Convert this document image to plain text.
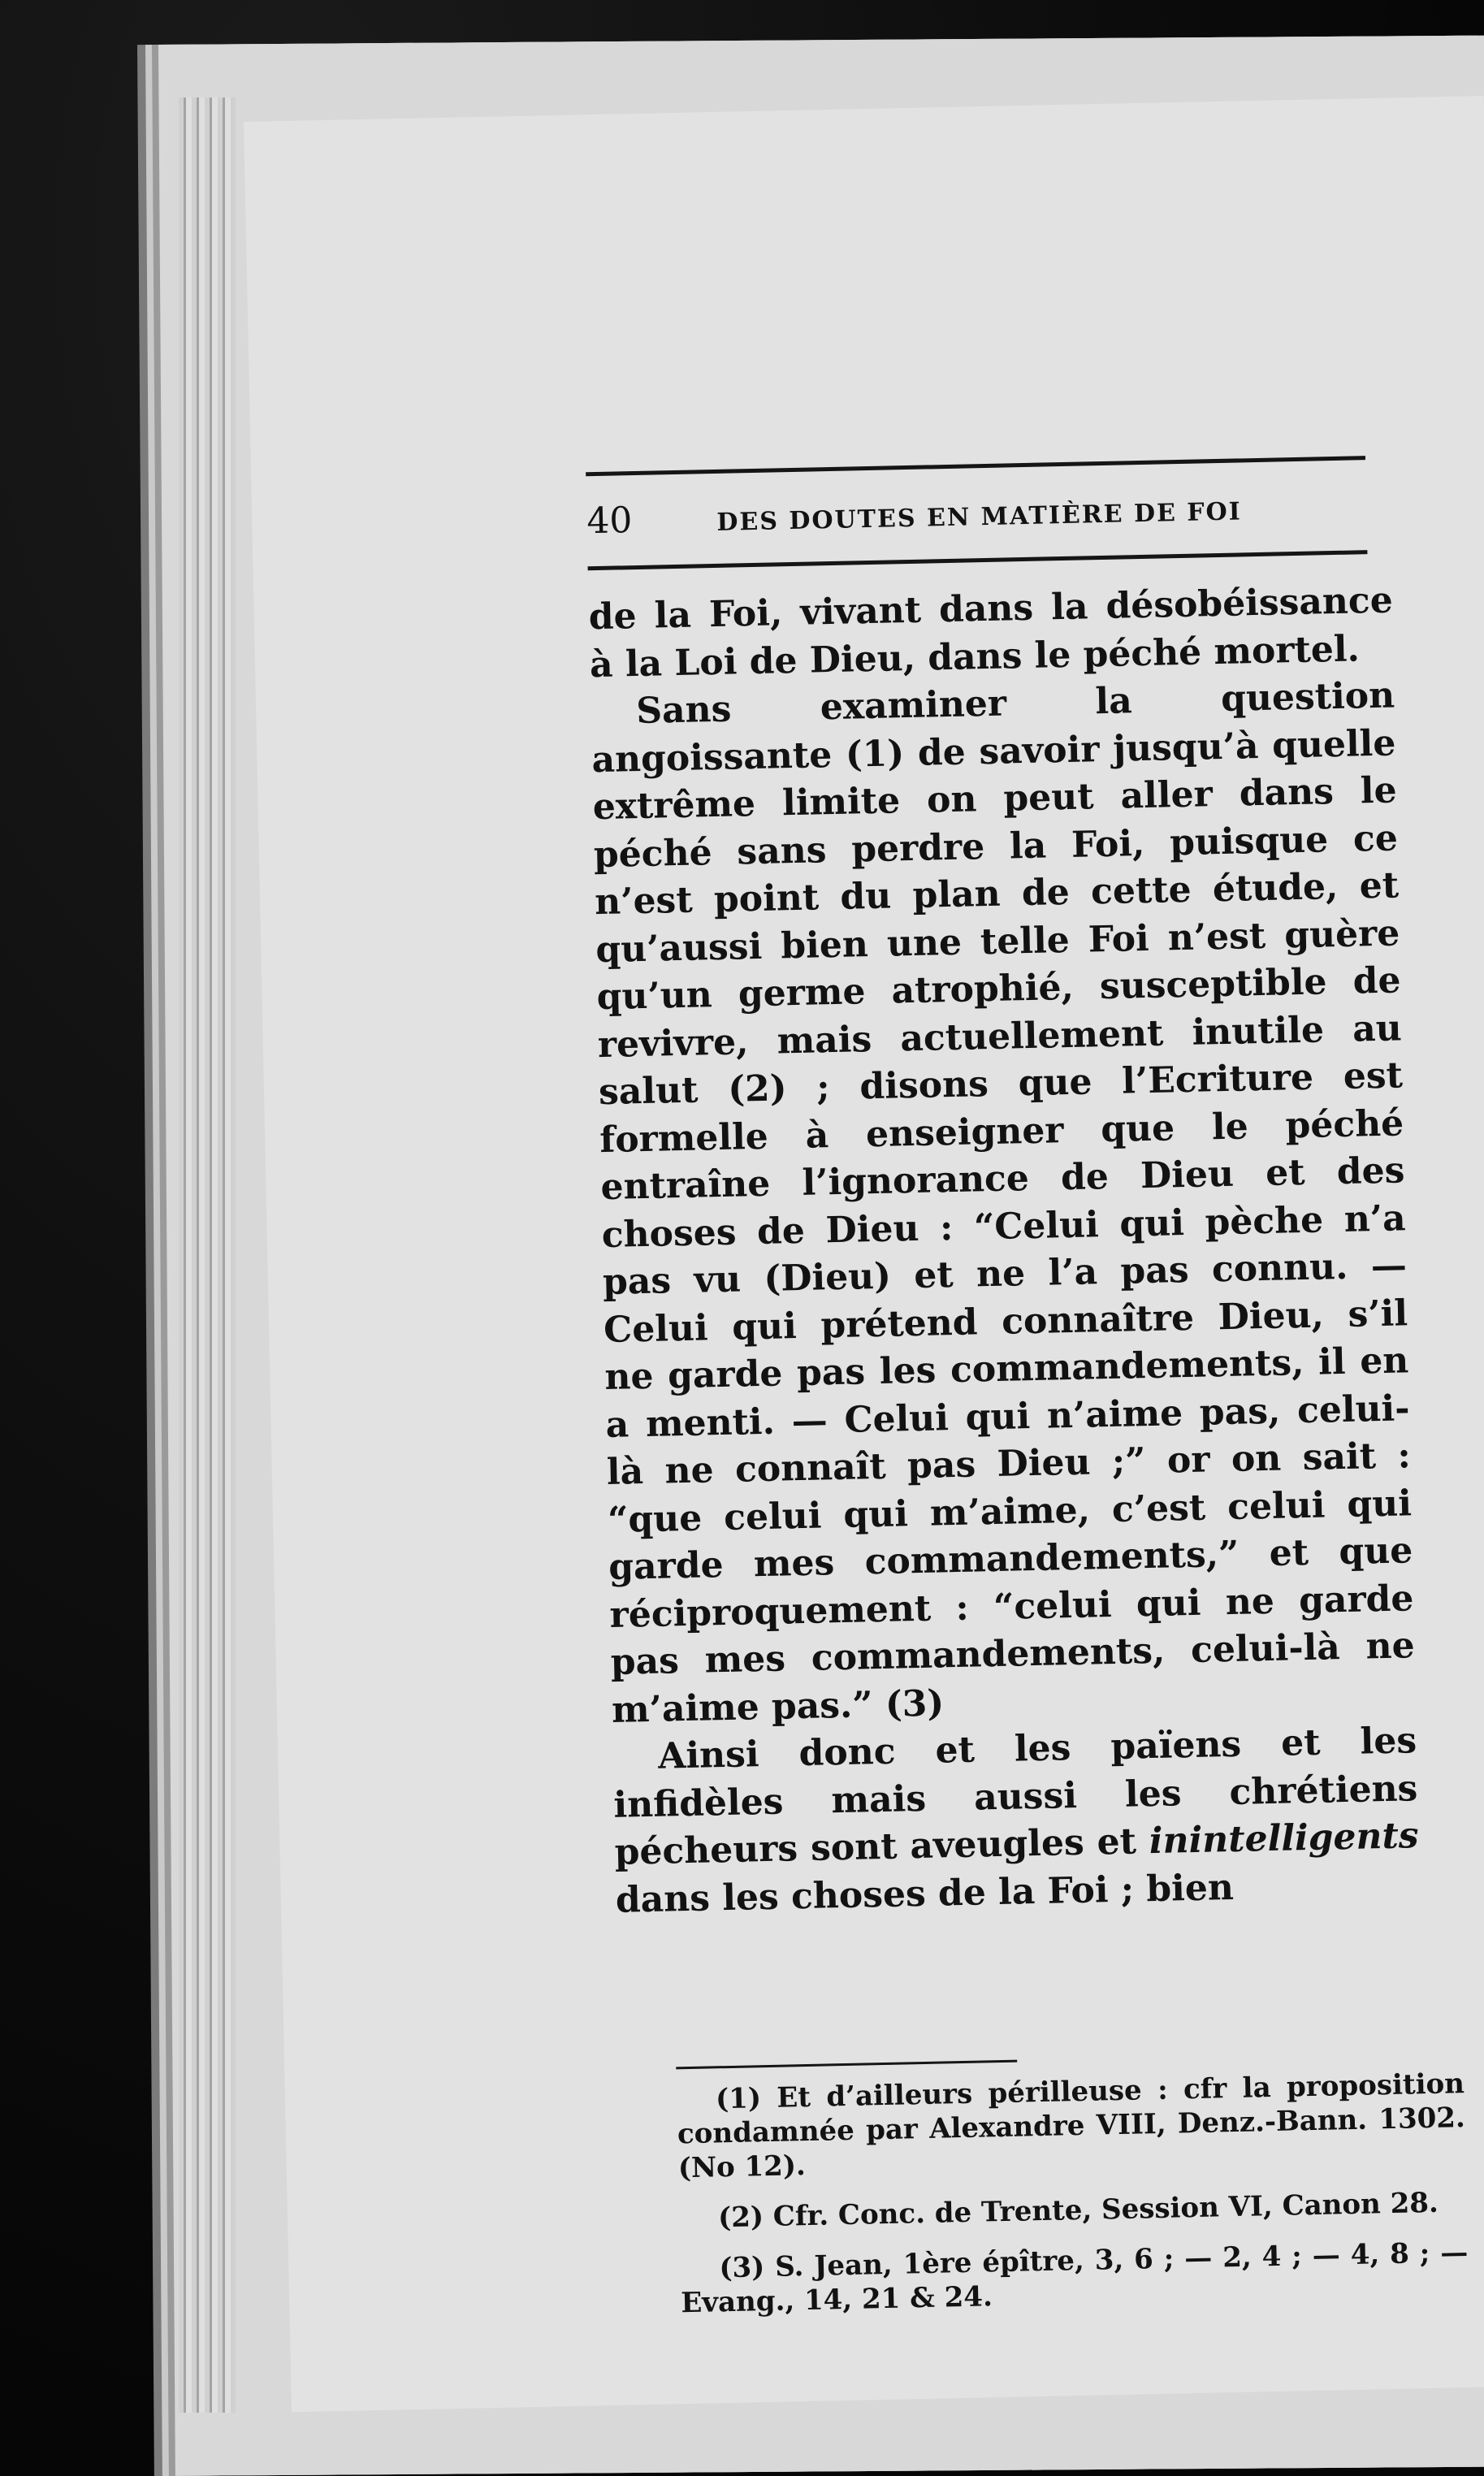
40	DES DOUTES EN MATIÈRE DE FOI

de la Foi, vivant dans la désobéissance à la Loi de Dieu, dans le péché mortel.

Sans examiner la question angoissante (1) de savoir jusqu’à quelle extrême limite on peut aller dans le péché sans perdre la Foi, puisque ce n’est point du plan de cette étude, et qu’aussi bien une telle Foi n’est guère qu’un germe atrophié, susceptible de revivre, mais actuellement inutile au salut (2) ; disons que l’Ecriture est formelle à enseigner que le péché entraîne l’ignorance de Dieu et des choses de Dieu : “Celui qui pèche n’a pas vu (Dieu) et ne l’a pas connu. — Celui qui prétend connaître Dieu, s’il ne garde pas les commandements, il en a menti. — Celui qui n’aime pas, celui-là ne connaît pas Dieu ;” or on sait : “que celui qui m’aime, c’est celui qui garde mes commandements,” et que réciproquement : “celui qui ne garde pas mes commandements, celui-là ne m’aime pas.” (3)

Ainsi donc et les païens et les infidèles mais aussi les chrétiens pécheurs sont aveugles et inintelligents dans les choses de la Foi ; bien

(1) Et d’ailleurs périlleuse : cfr la proposition condamnée par Alexandre VIII, Denz.-Bann. 1302. (No 12).

(2) Cfr. Conc. de Trente, Session VI, Canon 28.

(3) S. Jean, 1ère épître, 3, 6 ; — 2, 4 ; — 4, 8 ; — Evang., 14, 21 & 24.
